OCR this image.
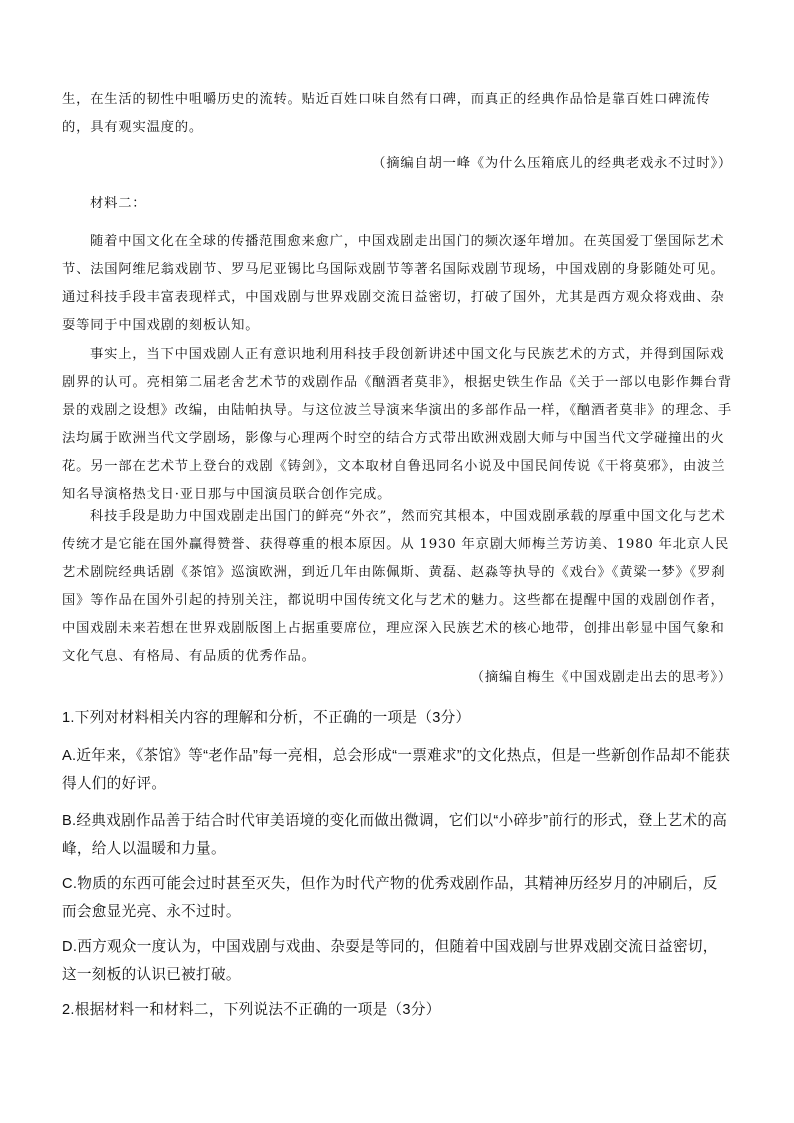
生，在生活的韧性中咀嚼历史的流转。贴近百姓口味自然有口碑，而真正的经典作品恰是靠百姓口碑流传的，具有观实温度的。

（摘编自胡一峰《为什么压箱底儿的经典老戏永不过时》）

材料二：

随着中国文化在全球的传播范围愈来愈广，中国戏剧走出国门的频次逐年增加。在英国爱丁堡国际艺术节、法国阿维尼翁戏剧节、罗马尼亚锡比乌国际戏剧节等著名国际戏剧节现场，中国戏剧的身影随处可见。通过科技手段丰富表现样式，中国戏剧与世界戏剧交流日益密切，打破了国外，尤其是西方观众将戏曲、杂耍等同于中国戏剧的刻板认知。

事实上，当下中国戏剧人正有意识地利用科技手段创新讲述中国文化与民族艺术的方式，并得到国际戏剧界的认可。亮相第二届老舍艺术节的戏剧作品《酗酒者莫非》，根据史铁生作品《关于一部以电影作舞台背景的戏剧之设想》改编，由陆帕执导。与这位波兰导演来华演出的多部作品一样，《酗酒者莫非》的理念、手法均属于欧洲当代文学剧场，影像与心理两个时空的结合方式带出欧洲戏剧大师与中国当代文学碰撞出的火花。另一部在艺术节上登台的戏剧《铸剑》，文本取材自鲁迅同名小说及中国民间传说《干将莫邪》，由波兰知名导演格热戈日·亚日那与中国演员联合创作完成。

科技手段是助力中国戏剧走出国门的鲜亮“外衣”，然而究其根本，中国戏剧承载的厚重中国文化与艺术传统才是它能在国外赢得赞誉、获得尊重的根本原因。从 1930 年京剧大师梅兰芳访美、1980 年北京人民艺术剧院经典话剧《茶馆》巡演欧洲，到近几年由陈佩斯、黄磊、赵淼等执导的《戏台》《黄粱一梦》《罗刹国》等作品在国外引起的持别关注，都说明中国传统文化与艺术的魅力。这些都在提醒中国的戏剧创作者，中国戏剧未来若想在世界戏剧版图上占据重要席位，理应深入民族艺术的核心地带，创排出彰显中国气象和文化气息、有格局、有品质的优秀作品。

（摘编自梅生《中国戏剧走出去的思考》）

1.下列对材料相关内容的理解和分析，不正确的一项是（3分）

A.近年来，《茶馆》等“老作品”每一亮相，总会形成“一票难求”的文化热点，但是一些新创作品却不能获得人们的好评。

B.经典戏剧作品善于结合时代审美语境的变化而做出微调，它们以“小碎步”前行的形式，登上艺术的高峰，给人以温暖和力量。

C.物质的东西可能会过时甚至灭失，但作为时代产物的优秀戏剧作品，其精神历经岁月的冲刷后，反而会愈显光亮、永不过时。

D.西方观众一度认为，中国戏剧与戏曲、杂耍是等同的，但随着中国戏剧与世界戏剧交流日益密切，这一刻板的认识已被打破。

2.根据材料一和材料二，下列说法不正确的一项是（3分）
